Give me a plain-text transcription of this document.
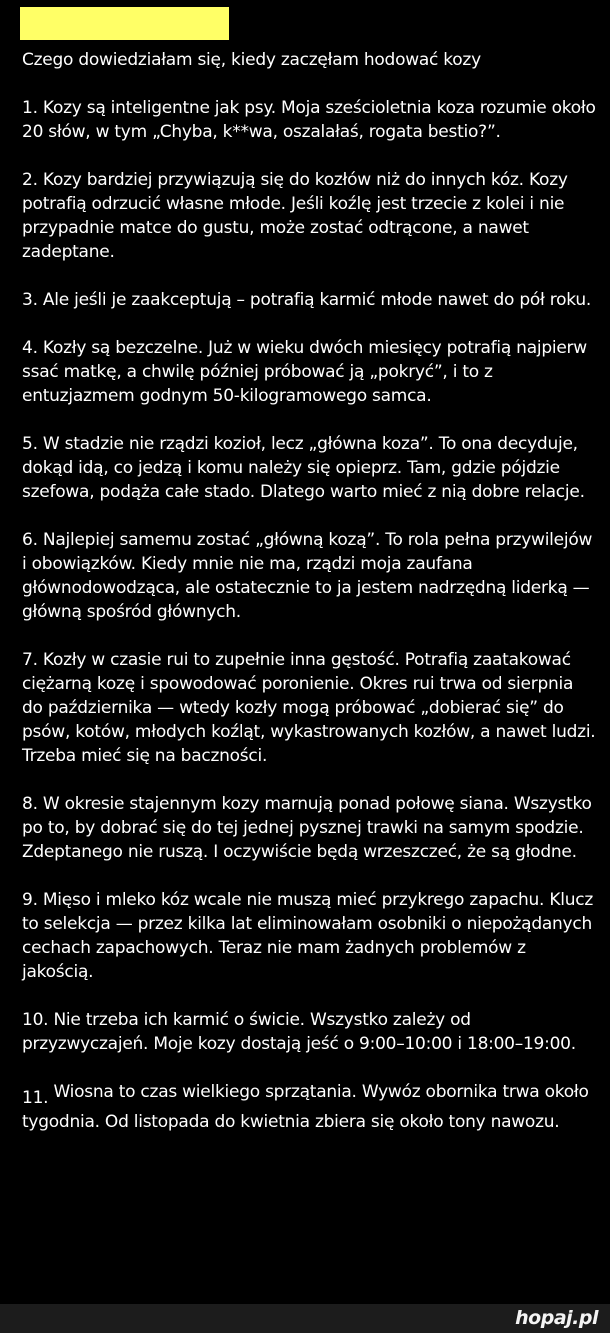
Czego dowiedziałam się, kiedy zaczęłam hodować kozy
1. Kozy są inteligentne jak psy. Moja sześcioletnia koza rozumie około 20 słów, w tym „Chyba, k**wa, oszalałaś, rogata bestio?”.
2. Kozy bardziej przywiązują się do kozłów niż do innych kóz. Kozy potrafią odrzucić własne młode. Jeśli koźlę jest trzecie z kolei i nie przypadnie matce do gustu, może zostać odtrącone, a nawet zadeptane.
3. Ale jeśli je zaakceptują – potrafią karmić młode nawet do pół roku.
4. Kozły są bezczelne. Już w wieku dwóch miesięcy potrafią najpierw ssać matkę, a chwilę później próbować ją „pokryć”, i to z entuzjazmem godnym 50-kilogramowego samca.
5. W stadzie nie rządzi kozioł, lecz „główna koza”. To ona decyduje, dokąd idą, co jedzą i komu należy się opieprz. Tam, gdzie pójdzie szefowa, podąża całe stado. Dlatego warto mieć z nią dobre relacje.
6. Najlepiej samemu zostać „główną kozą”. To rola pełna przywilejów i obowiązków. Kiedy mnie nie ma, rządzi moja zaufana głównodowodząca, ale ostatecznie to ja jestem nadrzędną liderką — główną spośród głównych.
7. Kozły w czasie rui to zupełnie inna gęstość. Potrafią zaatakować ciężarną kozę i spowodować poronienie. Okres rui trwa od sierpnia do października — wtedy kozły mogą próbować „dobierać się” do psów, kotów, młodych koźląt, wykastrowanych kozłów, a nawet ludzi. Trzeba mieć się na baczności.
8. W okresie stajennym kozy marnują ponad połowę siana. Wszystko po to, by dobrać się do tej jednej pysznej trawki na samym spodzie. Zdeptanego nie ruszą. I oczywiście będą wrzeszczeć, że są głodne.
9. Mięso i mleko kóz wcale nie muszą mieć przykrego zapachu. Klucz to selekcja — przez kilka lat eliminowałam osobniki o niepożądanych cechach zapachowych. Teraz nie mam żadnych problemów z jakością.
10. Nie trzeba ich karmić o świcie. Wszystko zależy od przyzwyczajeń. Moje kozy dostają jeść o 9:00–10:00 i 18:00–19:00.
11. Wiosna to czas wielkiego sprzątania. Wywóz obornika trwa około tygodnia. Od listopada do kwietnia zbiera się około tony nawozu.
hopaj.pl
